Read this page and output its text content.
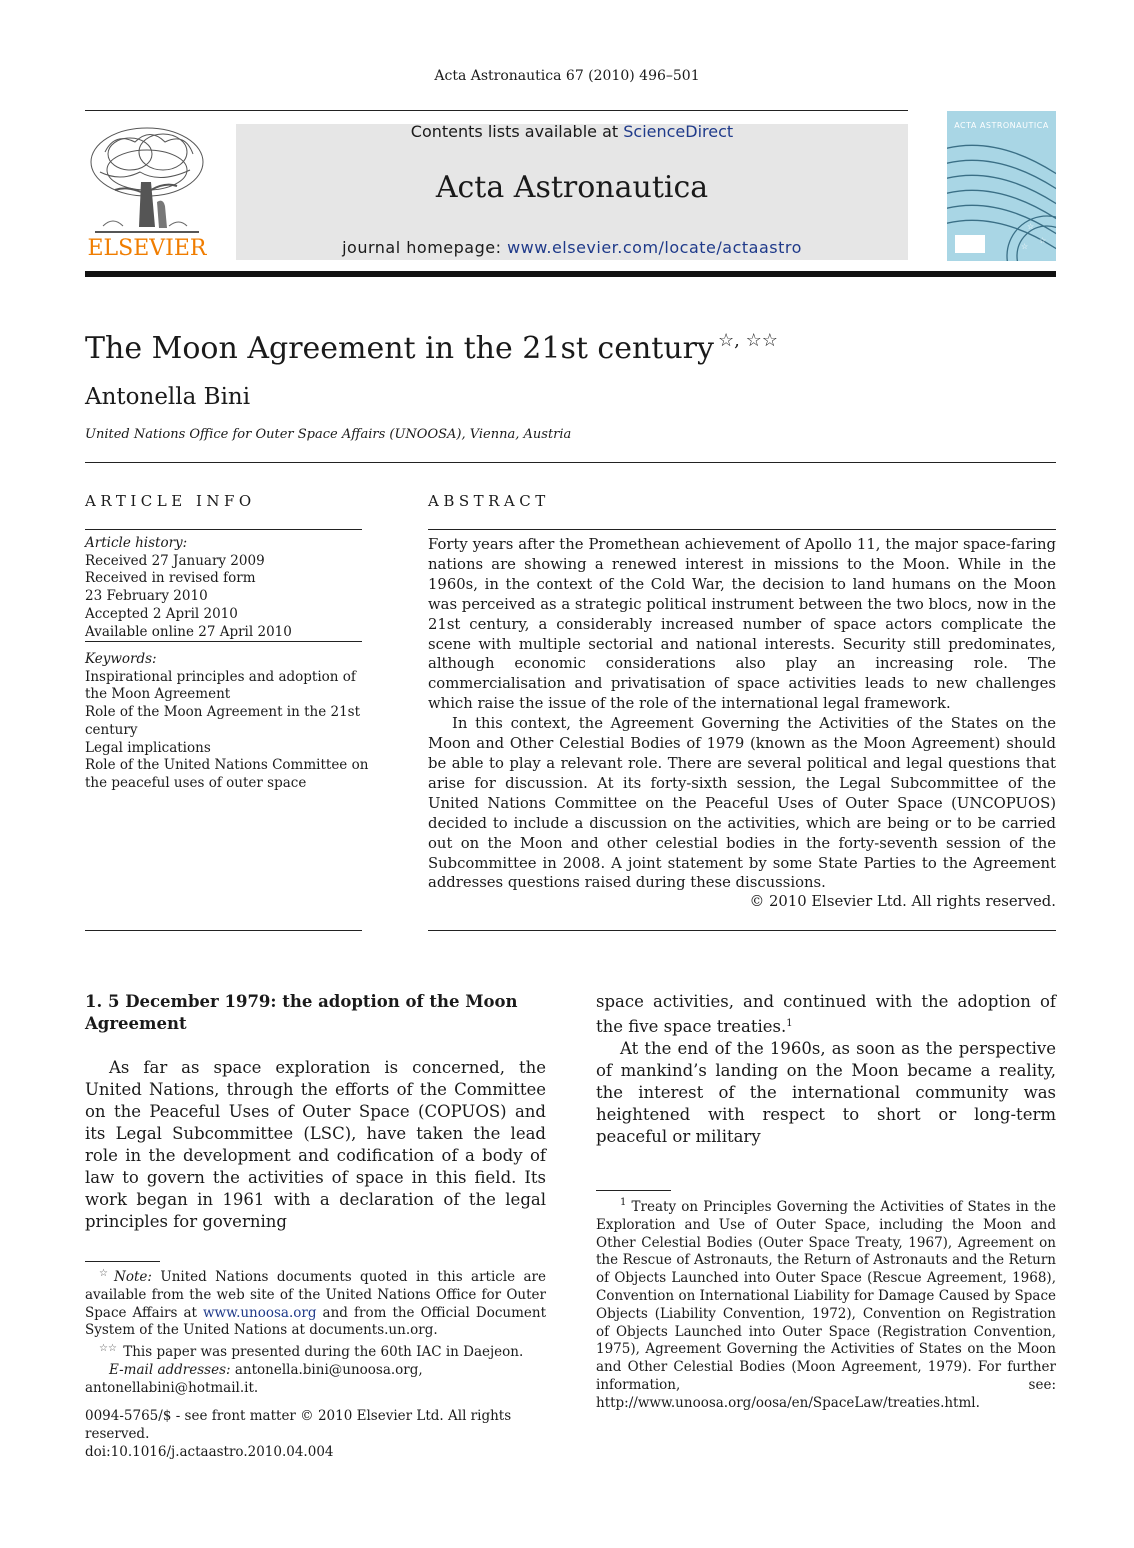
Acta Astronautica 67 (2010) 496–501
ELSEVIER
Contents lists available at ScienceDirect
Acta Astronautica
journal homepage: www.elsevier.com/locate/actaastro
ACTA ASTRONAUTICA
☆
☆
☆
The Moon Agreement in the 21st century ☆, ☆☆
Antonella Bini
United Nations Office for Outer Space Affairs (UNOOSA), Vienna, Austria
ARTICLE INFO	ABSTRACT
Article history:
Received 27 January 2009
Received in revised form
23 February 2010
Accepted 2 April 2010
Available online 27 April 2010
Keywords:
Inspirational principles and adoption of the Moon Agreement
Role of the Moon Agreement in the 21st century
Legal implications
Role of the United Nations Committee on the peaceful uses of outer space

Forty years after the Promethean achievement of Apollo 11, the major space-faring nations are showing a renewed interest in missions to the Moon. While in the 1960s, in the context of the Cold War, the decision to land humans on the Moon was perceived as a strategic political instrument between the two blocs, now in the 21st century, a considerably increased number of space actors complicate the scene with multiple sectorial and national interests. Security still predominates, although economic considerations also play an increasing role. The commercialisation and privatisation of space activities leads to new challenges which raise the issue of the role of the international legal framework.

In this context, the Agreement Governing the Activities of the States on the Moon and Other Celestial Bodies of 1979 (known as the Moon Agreement) should be able to play a relevant role. There are several political and legal questions that arise for discussion. At its forty-sixth session, the Legal Subcommittee of the United Nations Committee on the Peaceful Uses of Outer Space (UNCOPUOS) decided to include a discussion on the activities, which are being or to be carried out on the Moon and other celestial bodies in the forty-seventh session of the Subcommittee in 2008. A joint statement by some State Parties to the Agreement addresses questions raised during these discussions.

© 2010 Elsevier Ltd. All rights reserved.
1. 5 December 1979: the adoption of the Moon Agreement

As far as space exploration is concerned, the United Nations, through the efforts of the Committee on the Peaceful Uses of Outer Space (COPUOS) and its Legal Subcommittee (LSC), have taken the lead role in the development and codification of a body of law to govern the activities of space in this field. Its work began in 1961 with a declaration of the legal principles for governing

space activities, and continued with the adoption of the five space treaties.$^1$

At the end of the 1960s, as soon as the perspective of mankind’s landing on the Moon became a reality, the interest of the international community was heightened with respect to short or long-term peaceful or military

☆ Note: United Nations documents quoted in this article are available from the web site of the United Nations Office for Outer Space Affairs at www.unoosa.org and from the Official Document System of the United Nations at documents.un.org.

☆☆ This paper was presented during the 60th IAC in Daejeon.

E-mail addresses: antonella.bini@unoosa.org,

antonellabini@hotmail.it.

0094-5765/$ - see front matter © 2010 Elsevier Ltd. All rights reserved.
doi:10.1016/j.actaastro.2010.04.004

$^1$ Treaty on Principles Governing the Activities of States in the Exploration and Use of Outer Space, including the Moon and Other Celestial Bodies (Outer Space Treaty, 1967), Agreement on the Rescue of Astronauts, the Return of Astronauts and the Return of Objects Launched into Outer Space (Rescue Agreement, 1968), Convention on International Liability for Damage Caused by Space Objects (Liability Convention, 1972), Convention on Registration of Objects Launched into Outer Space (Registration Convention, 1975), Agreement Governing the Activities of States on the Moon and Other Celestial Bodies (Moon Agreement, 1979). For further information, see: http://www.unoosa.org/oosa/en/SpaceLaw/treaties.html.
